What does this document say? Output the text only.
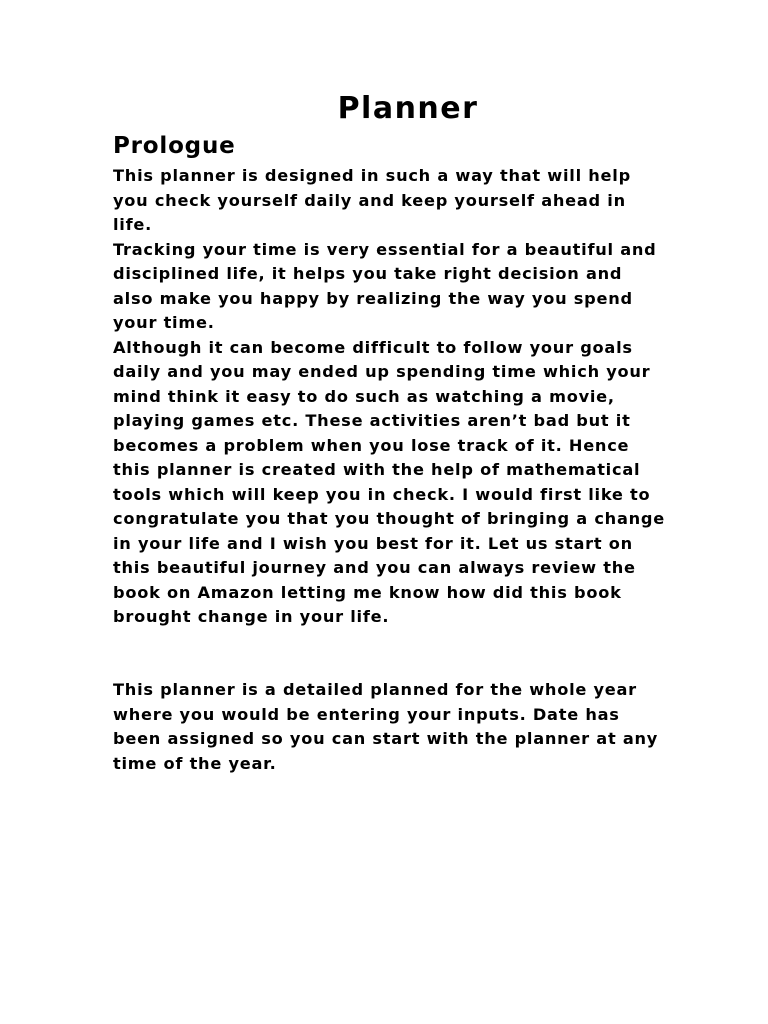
Planner
Prologue
This planner is designed in such a way that will help
you check yourself daily and keep yourself ahead in
life.
Tracking your time is very essential for a beautiful and
disciplined life, it helps you take right decision and
also make you happy by realizing the way you spend
your time.
Although it can become difficult to follow your goals
daily and you may ended up spending time which your
mind think it easy to do such as watching a movie,
playing games etc. These activities aren’t bad but it
becomes a problem when you lose track of it. Hence
this planner is created with the help of mathematical
tools which will keep you in check. I would first like to
congratulate you that you thought of bringing a change
in your life and I wish you best for it. Let us start on
this beautiful journey and you can always review the
book on Amazon letting me know how did this book
brought change in your life.
This planner is a detailed planned for the whole year
where you would be entering your inputs. Date has
been assigned so you can start with the planner at any
time of the year.
